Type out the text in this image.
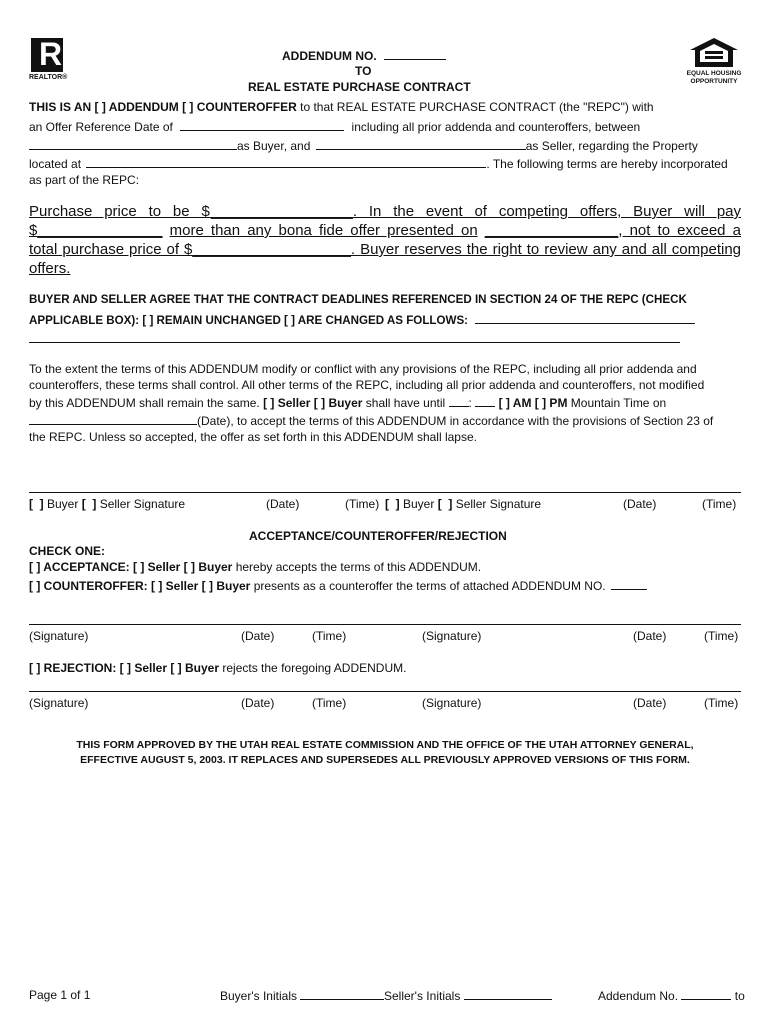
R
REALTOR®
EQUAL HOUSING
OPPORTUNITY
ADDENDUM NO.
TO
REAL ESTATE PURCHASE CONTRACT
THIS IS AN [ ] ADDENDUM [ ] COUNTEROFFER to that REAL ESTATE PURCHASE CONTRACT (the "REPC") with
an Offer Reference Date of	including all prior addenda and counteroffers, between
as Buyer, and	as Seller, regarding the Property
located at	. The following terms are hereby incorporated
as part of the REPC:
Purchase price to be $ _________________. In the event of competing offers, Buyer will pay
$_______________ more than any bona fide offer presented on ________________, not to exceed a
total purchase price of $___________________. Buyer reserves the right to review any and all competing
offers.
BUYER AND SELLER AGREE THAT THE CONTRACT DEADLINES REFERENCED IN SECTION 24 OF THE REPC (CHECK
APPLICABLE BOX): [ ] REMAIN UNCHANGED [ ] ARE CHANGED AS FOLLOWS:
To the extent the terms of this ADDENDUM modify or conflict with any provisions of the REPC, including all prior addenda and
counteroffers, these terms shall control. All other terms of the REPC, including all prior addenda and counteroffers, not modified
by this ADDENDUM shall remain the same. [ ] Seller [ ] Buyer shall have until : [ ] AM [ ] PM Mountain Time on
(Date), to accept the terms of this ADDENDUM in accordance with the provisions of Section 23 of
the REPC. Unless so accepted, the offer as set forth in this ADDENDUM shall lapse.
[  ] Buyer [  ] Seller Signature	(Date)	(Time) [  ] Buyer [  ] Seller Signature	(Date)	(Time)
ACCEPTANCE/COUNTEROFFER/REJECTION
CHECK ONE:
[ ] ACCEPTANCE: [ ] Seller [ ] Buyer hereby accepts the terms of this ADDENDUM.
[ ] COUNTEROFFER: [ ] Seller [ ] Buyer presents as a counteroffer the terms of attached ADDENDUM NO.
(Signature)	(Date)	(Time)	(Signature)	(Date)	(Time)
[ ] REJECTION: [ ] Seller [ ] Buyer rejects the foregoing ADDENDUM.
(Signature)	(Date)	(Time)	(Signature)	(Date)	(Time)
THIS FORM APPROVED BY THE UTAH REAL ESTATE COMMISSION AND THE OFFICE OF THE UTAH ATTORNEY GENERAL,
EFFECTIVE AUGUST 5, 2003. IT REPLACES AND SUPERSEDES ALL PREVIOUSLY APPROVED VERSIONS OF THIS FORM.
Page 1 of 1	Buyer's Initials	Seller's Initials	Addendum No.	to
